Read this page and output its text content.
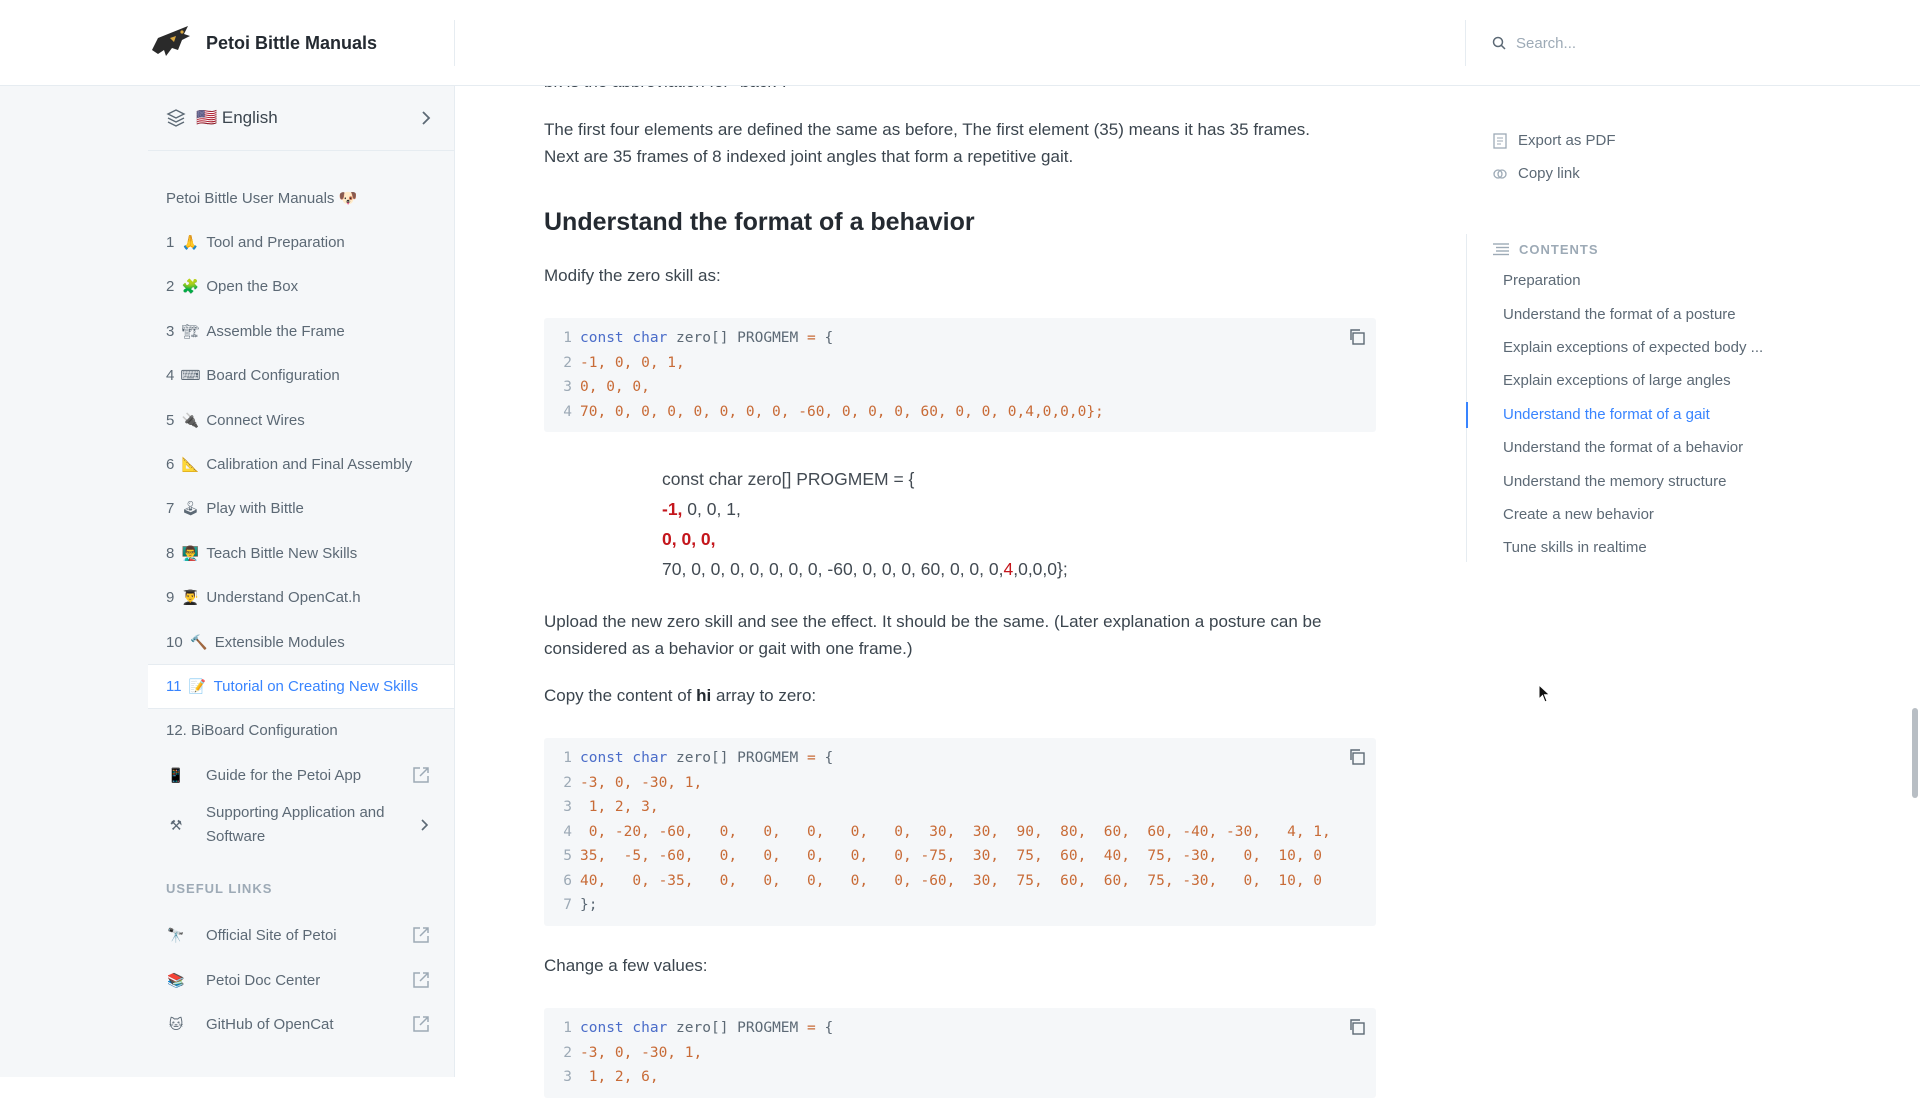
Petoi Bittle Manuals	Search...
🇺🇸 English
Petoi Bittle User Manuals 🐶
1 🙏 Tool and Preparation
2 🧩 Open the Box
3 🏗 Assemble the Frame
4 ⌨ Board Configuration
5 🔌 Connect Wires
6 📐 Calibration and Final Assembly
7 🕹 Play with Bittle
8 👨‍🏫 Teach Bittle New Skills
9 👨‍🎓 Understand OpenCat.h
10 🔨 Extensible Modules
11 📝 Tutorial on Creating New Skills
12. BiBoard Configuration
📱 Guide for the Petoi App
⚒
Supporting Application and Software
USEFUL LINKS
🔭 Official Site of Petoi
📚 Petoi Doc Center
🐱 GitHub of OpenCat
The first four elements are defined the same as before, The first element (35) means it has 35 frames.
Next are 35 frames of 8 indexed joint angles that form a repetitive gait.
Understand the format of a behavior
Modify the zero skill as:
1 const char zero[] PROGMEM = {
2 -1, 0, 0, 1,
3 0, 0, 0,
4 70, 0, 0, 0, 0, 0, 0, 0, -60, 0, 0, 0, 60, 0, 0, 0,4,0,0,0};
const char zero[] PROGMEM = {
-1, 0, 0, 1,
0, 0, 0,
70, 0, 0, 0, 0, 0, 0, 0, -60, 0, 0, 0, 60, 0, 0, 0,4,0,0,0};
Upload the new zero skill and see the effect. It should be the same. (Later explanation a posture can be
considered as a behavior or gait with one frame.)
Copy the content of hi array to zero:
1 const char zero[] PROGMEM = {
2 -3, 0, -30, 1,
3 1, 2, 3,
4 0, -20, -60,   0,   0,   0,   0,   0,  30,  30,  90,  80,  60,  60, -40, -30,   4, 1,
5 35,  -5, -60,   0,   0,   0,   0,   0, -75,  30,  75,  60,  40,  75, -30,   0,  10, 0
6 40,   0, -35,   0,   0,   0,   0,   0, -60,  30,  75,  60,  60,  75, -30,   0,  10, 0
7 };
Change a few values:
1 const char zero[] PROGMEM = {
2 -3, 0, -30, 1,
3 1, 2, 6,
Export as PDF
Copy link
CONTENTS
Preparation
Understand the format of a posture
Explain exceptions of expected body ...
Explain exceptions of large angles
Understand the format of a gait
Understand the format of a behavior
Understand the memory structure
Create a new behavior
Tune skills in realtime
